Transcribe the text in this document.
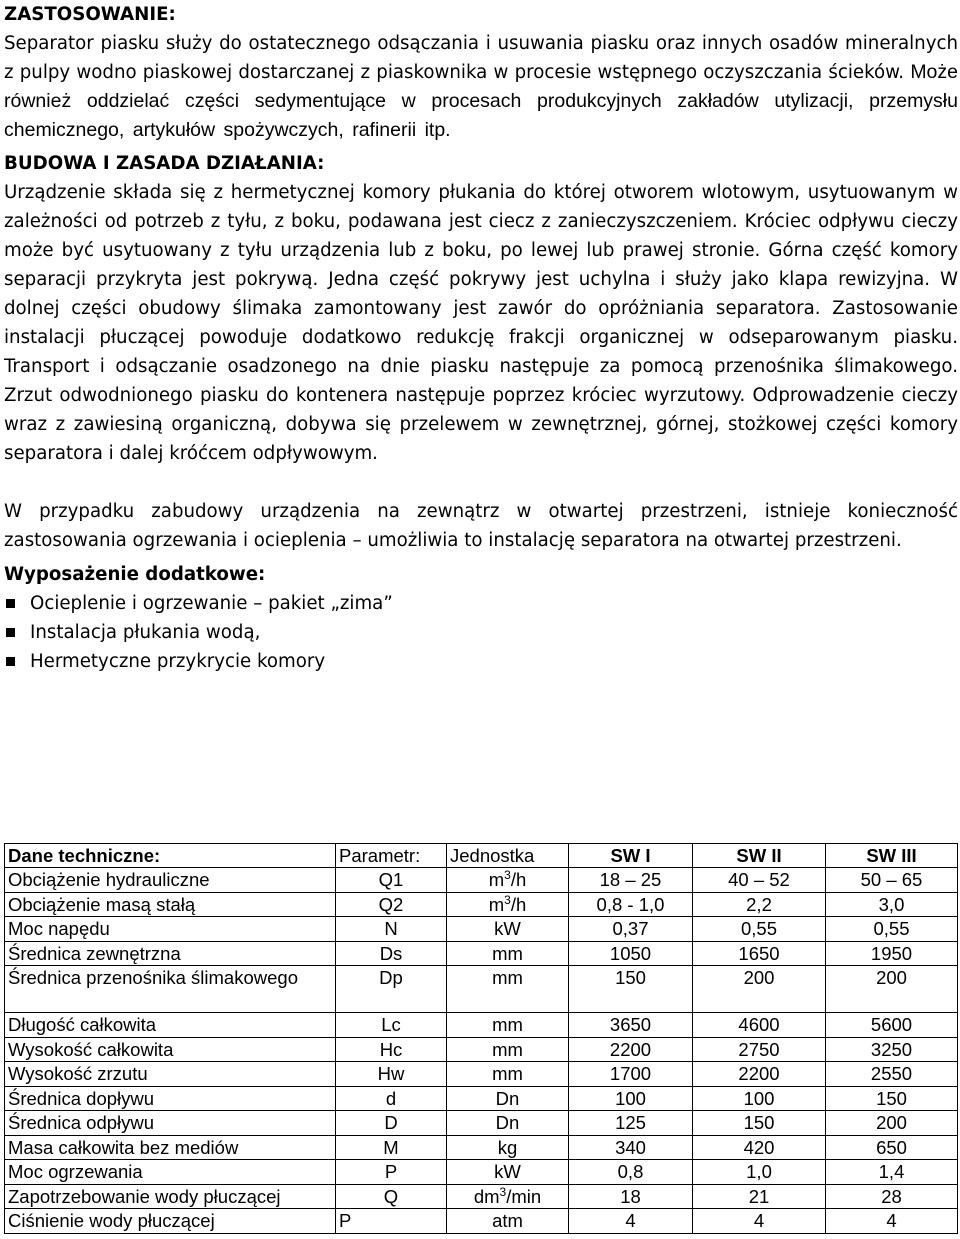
ZASTOSOWANIE:

Separator piasku służy do ostatecznego odsączania i usuwania piasku oraz innych osadów mineralnych z pulpy wodno piaskowej dostarczanej z piaskownika w procesie wstępnego oczyszczania ścieków. Może również oddzielać części sedymentujące w procesach produkcyjnych zakładów utylizacji, przemysłu chemicznego, artykułów spożywczych, rafinerii itp.

BUDOWA I ZASADA DZIAŁANIA:

Urządzenie składa się z hermetycznej komory płukania do której otworem wlotowym, usytuowanym w zależności od potrzeb z tyłu, z boku, podawana jest ciecz z zanieczyszczeniem. Króciec odpływu cieczy może być usytuowany z tyłu urządzenia lub z boku, po lewej lub prawej stronie. Górna część komory separacji przykryta jest pokrywą. Jedna część pokrywy jest uchylna i służy jako klapa rewizyjna. W dolnej części obudowy ślimaka zamontowany jest zawór do opróżniania separatora. Zastosowanie instalacji płuczącej powoduje dodatkowo redukcję frakcji organicznej w odseparowanym piasku. Transport i odsączanie osadzonego na dnie piasku następuje za pomocą przenośnika ślimakowego. Zrzut odwodnionego piasku do kontenera następuje poprzez króciec wyrzutowy. Odprowadzenie cieczy wraz z zawiesiną organiczną, dobywa się przelewem w zewnętrznej, górnej, stożkowej części komory separatora i dalej króćcem odpływowym.

W przypadku zabudowy urządzenia na zewnątrz w otwartej przestrzeni, istnieje konieczność zastosowania ogrzewania i ocieplenia – umożliwia to instalację separatora na otwartej przestrzeni.

Wyposażenie dodatkowe:

Ocieplenie i ogrzewanie – pakiet „zima”
Instalacja płukania wodą,
Hermetyczne przykrycie komory
Dane techniczne:	Parametr:	Jednostka	SW I	SW II	SW III
Obciążenie hydrauliczne	Q1	$m^3/h$	18 – 25	40 – 52	50 – 65
Obciążenie masą stałą	Q2	$m^3/h$	0,8 - 1,0	2,2	3,0
Moc napędu	N	kW	0,37	0,55	0,55
Średnica zewnętrzna	Ds	mm	1050	1650	1950
Średnica przenośnika ślimakowego	Dp	mm	150	200	200
Długość całkowita	Lc	mm	3650	4600	5600
Wysokość całkowita	Hc	mm	2200	2750	3250
Wysokość zrzutu	Hw	mm	1700	2200	2550
Średnica dopływu	d	Dn	100	100	150
Średnica odpływu	D	Dn	125	150	200
Masa całkowita bez mediów	M	kg	340	420	650
Moc ogrzewania	P	kW	0,8	1,0	1,4
Zapotrzebowanie wody płuczącej	Q	$dm^3/\min$	18	21	28
Ciśnienie wody płuczącej	P	atm	4	4	4
